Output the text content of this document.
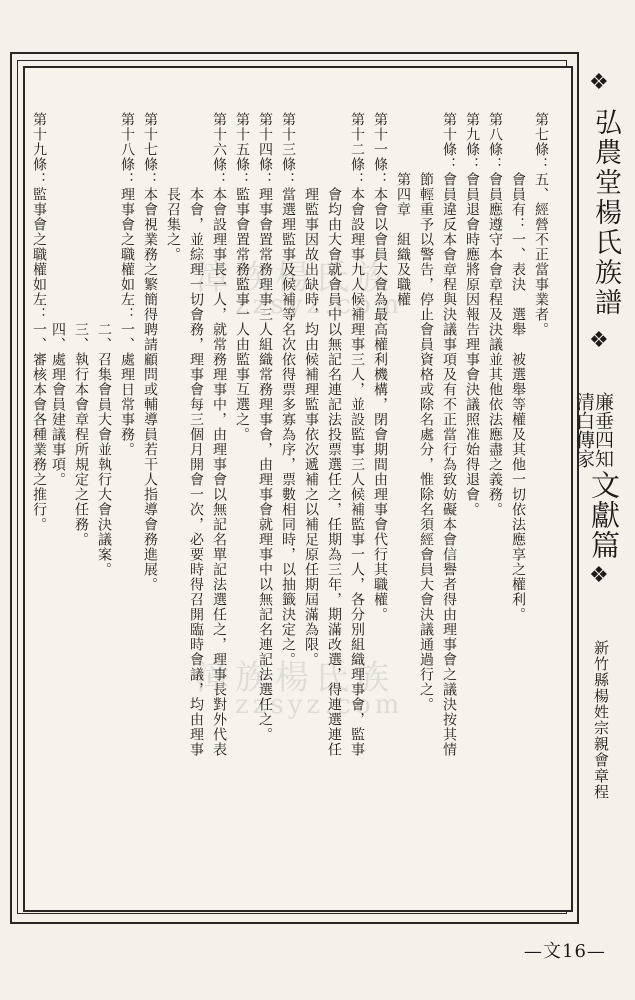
漳族楊氏族
zzsyz.com
漳族楊氏族
zzsyz.com
❖
弘農堂楊氏族譜
❖
廉垂四知
清白傳家
文獻篇
❖
新竹縣楊姓宗親會章程
第七條：五、經營不正當事業者。
　　　　會員有：一、表決　選舉　被選舉等權及其他一切依法應享之權利。
第八條：會員應遵守本會章程及決議並其他依法應盡之義務。
第九條：會員退會時應將原因報告理事會決議照准始得退會。
第十條：會員違反本會章程與決議事項及有不正當行為致妨礙本會信譽者得由理事會之議決按其情
　　　　節輕重予以警告，停止會員資格或除名處分，惟除名須經會員大會決議通過行之。
　　　　第四章　組織及職權
第十一條：本會以會員大會為最高權利機構，閉會期間由理事會代行其職權。
第十二條：本會設理事九人候補理事三人，並設監事三人候補監事一人，各分別組織理事會，監事
　　　　　會均由大會就會員中以無記名連記法投票選任之，任期為三年，期滿改選，得連選連任
　　　　　理監事因故出缺時，均由候補理監事依次遞補之以補足原任期屆滿為限。
第十三條：當選理監事及候補等名次依得票多寡為序，票數相同時，以抽籤決定之。
第十四條：理事會置常務理事三人組織常務理事會，由理事會就理事中以無記名連記法選任之。
第十五條：監事會置常務監事一人由監事互選之。
第十六條：本會設理事長一人，就常務理事中，由理事會以無記名單記法選任之，理事長對外代表
　　　　　本會，並綜理一切會務，理事會每三個月開會一次，必要時得召開臨時會議，均由理事
　　　　　長召集之。
第十七條：本會視業務之繁簡得聘請顧問或輔導員若干人指導會務進展。
第十八條：理事會之職權如左：一、處理日常事務。
　　　　　　　　　　　　　　二、召集會員大會並執行大會決議案。
　　　　　　　　　　　　　　三、執行本會章程所規定之任務。
　　　　　　　　　　　　　　四、處理會員建議事項。
第十九條：監事會之職權如左：一、審核本會各種業務之推行。
—文16—
